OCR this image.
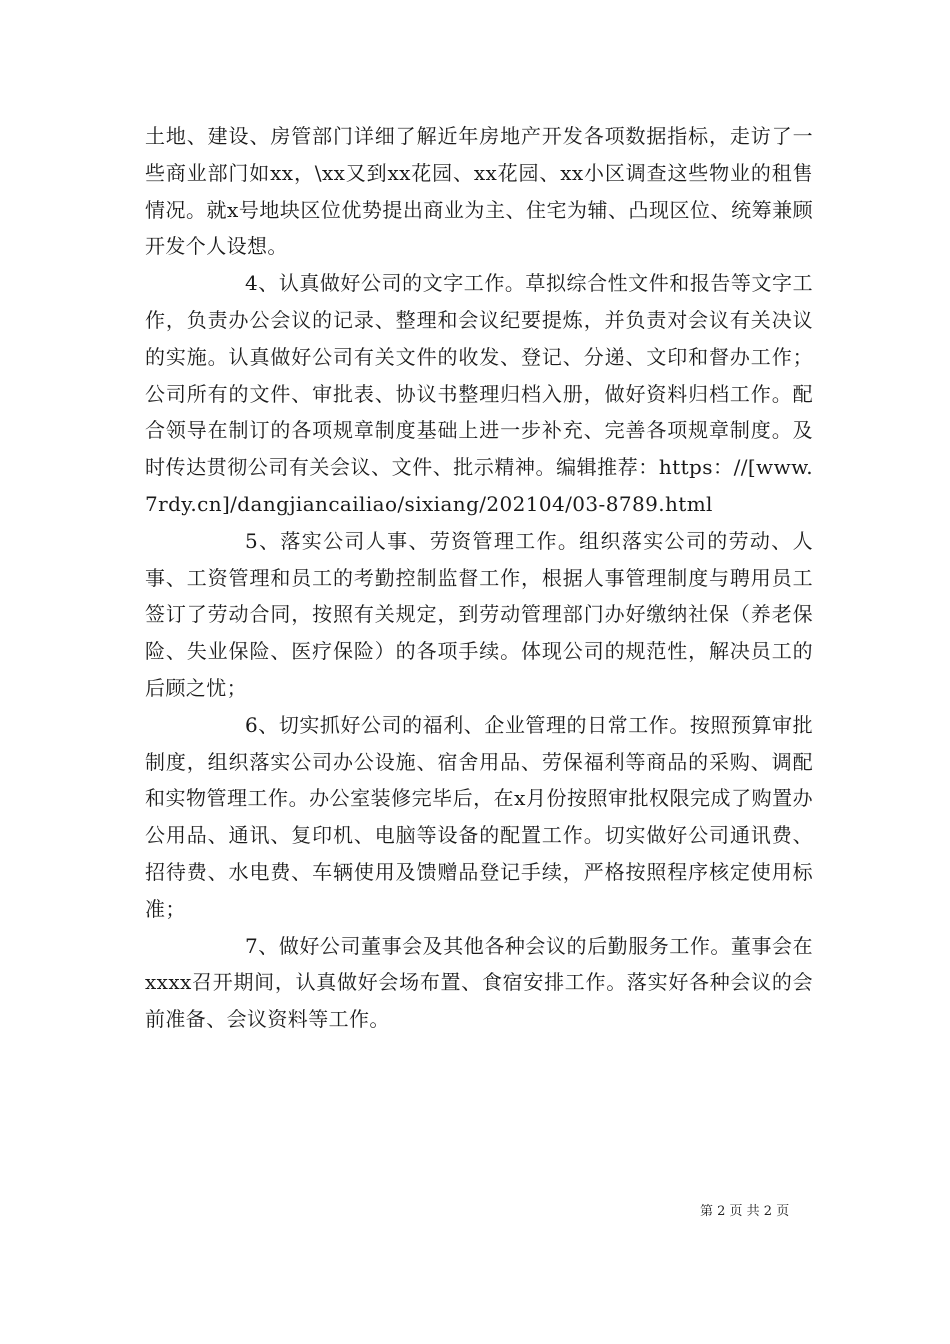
土地、建设、房管部门详细了解近年房地产开发各项数据指标，走访了一些商业部门如xx，\xx又到xx花园、xx花园、xx小区调查这些物业的租售情况。就x号地块区位优势提出商业为主、住宅为辅、凸现区位、统筹兼顾开发个人设想。

4、认真做好公司的文字工作。草拟综合性文件和报告等文字工作，负责办公会议的记录、整理和会议纪要提炼，并负责对会议有关决议的实施。认真做好公司有关文件的收发、登记、分递、文印和督办工作；公司所有的文件、审批表、协议书整理归档入册，做好资料归档工作。配合领导在制订的各项规章制度基础上进一步补充、完善各项规章制度。及时传达贯彻公司有关会议、文件、批示精神。编辑推荐：https：//[www.7rdy.cn]/dangjiancailiao/sixiang/202104/03-8789.html

5、落实公司人事、劳资管理工作。组织落实公司的劳动、人事、工资管理和员工的考勤控制监督工作，根据人事管理制度与聘用员工签订了劳动合同，按照有关规定，到劳动管理部门办好缴纳社保（养老保险、失业保险、医疗保险）的各项手续。体现公司的规范性，解决员工的后顾之忧；

6、切实抓好公司的福利、企业管理的日常工作。按照预算审批制度，组织落实公司办公设施、宿舍用品、劳保福利等商品的采购、调配和实物管理工作。办公室装修完毕后，在x月份按照审批权限完成了购置办公用品、通讯、复印机、电脑等设备的配置工作。切实做好公司通讯费、招待费、水电费、车辆使用及馈赠品登记手续，严格按照程序核定使用标准；

7、做好公司董事会及其他各种会议的后勤服务工作。董事会在xxxx召开期间，认真做好会场布置、食宿安排工作。落实好各种会议的会前准备、会议资料等工作。

第 2 页 共 2 页
